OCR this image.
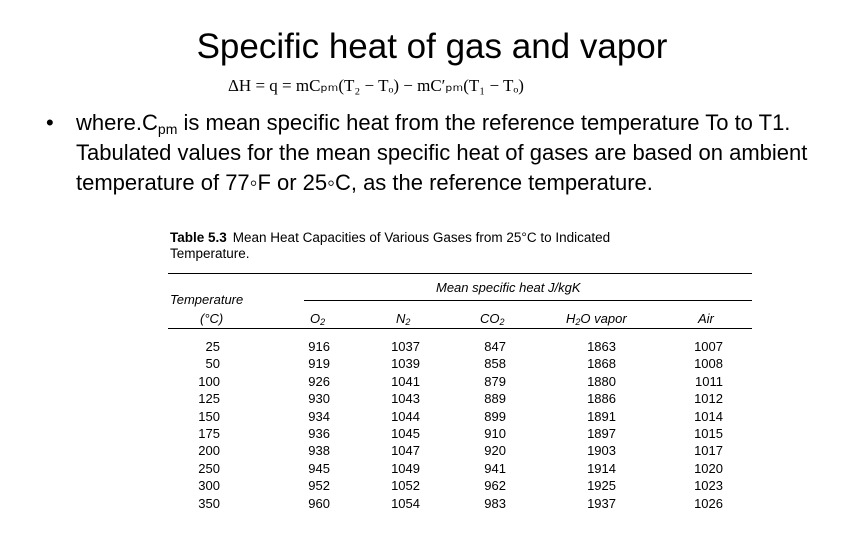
Specific heat of gas and vapor
ΔH = q = mCₚₘ(T₂ − Tₒ) − mC′ₚₘ(T₁ − Tₒ)
• $where.C_{pm}$ is mean specific heat from the reference temperature To to T1. Tabulated values for the mean specific heat of gases are based on ambient temperature of 77◦F or 25◦C, as the reference temperature.
Table 5.3 Mean Heat Capacities of Various Gases from 25°C to Indicated Temperature.
Mean specific heat J/kgK
Temperature
(°C)	$O_2$	$N_2$	$CO_2$	$H_2O$ vapor	Air
25	916	1037	847	1863	1007
50	919	1039	858	1868	1008
100	926	1041	879	1880	1011
125	930	1043	889	1886	1012
150	934	1044	899	1891	1014
175	936	1045	910	1897	1015
200	938	1047	920	1903	1017
250	945	1049	941	1914	1020
300	952	1052	962	1925	1023
350	960	1054	983	1937	1026
